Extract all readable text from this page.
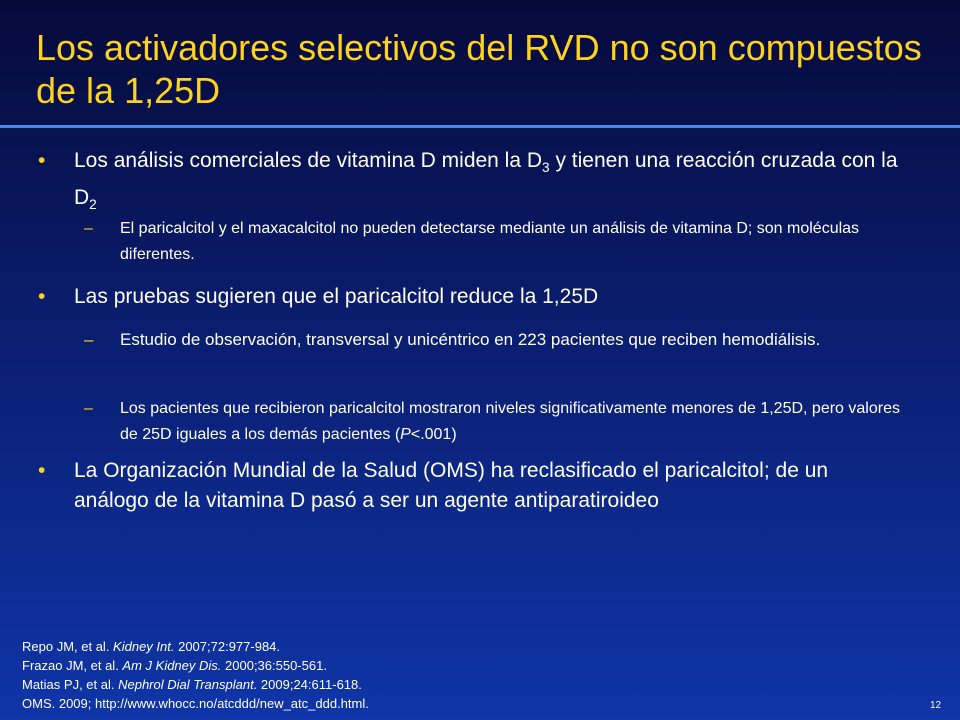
Los activadores selectivos del RVD no son compuestos de la 1,25D

• Los análisis comerciales de vitamina D miden la $D_3$ y tienen una reacción cruzada con la $D_2$

– El paricalcitol y el maxacalcitol no pueden detectarse mediante un análisis de vitamina D; son moléculas diferentes.

• Las pruebas sugieren que el paricalcitol reduce la 1,25D

– Estudio de observación, transversal y unicéntrico en 223 pacientes que reciben hemodiálisis.

– Los pacientes que recibieron paricalcitol mostraron niveles significativamente menores de 1,25D, pero valores de 25D iguales a los demás pacientes (P<.001)

• La Organización Mundial de la Salud (OMS) ha reclasificado el paricalcitol; de un análogo de la vitamina D pasó a ser un agente antiparatiroideo

Repo JM, et al. Kidney Int. 2007;72:977-984.
Frazao JM, et al. Am J Kidney Dis. 2000;36:550-561.
Matias PJ, et al. Nephrol Dial Transplant. 2009;24:611-618.
OMS. 2009; http://www.whocc.no/atcddd/new_atc_ddd.html.	12
